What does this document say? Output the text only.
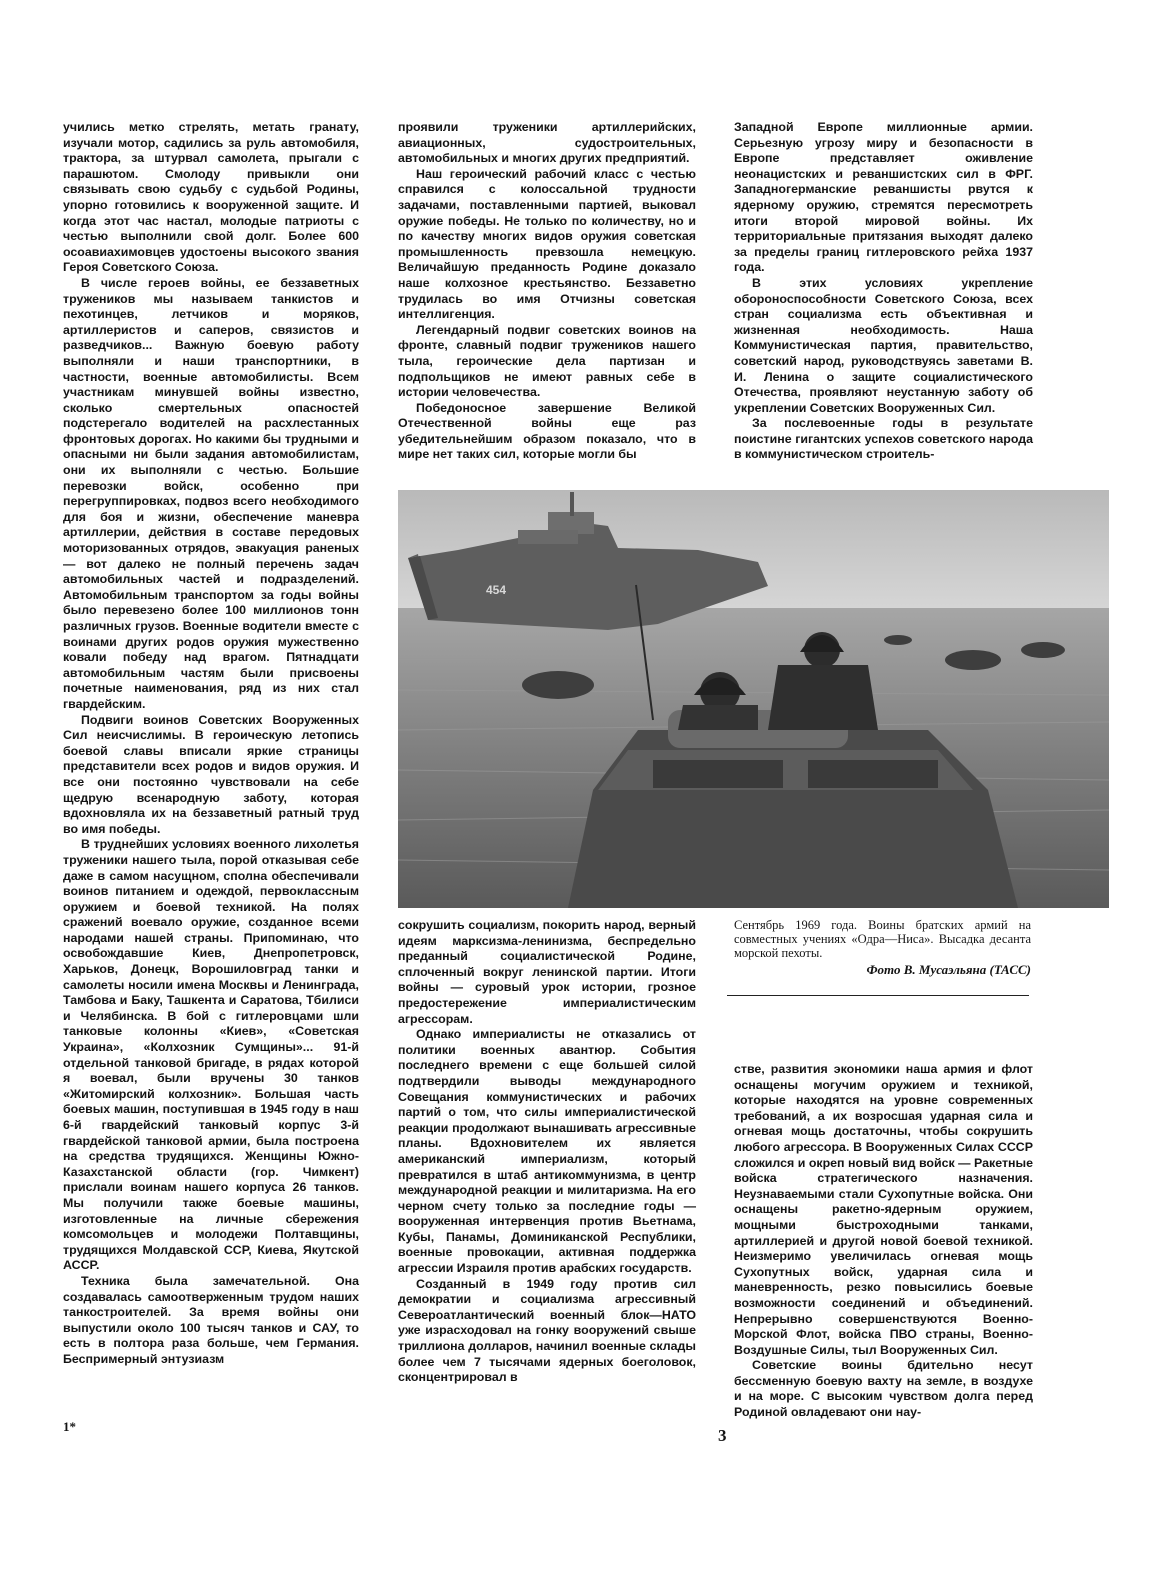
учились метко стрелять, метать гранату, изучали мотор, садились за руль автомобиля, трактора, за штурвал самолета, прыгали с парашютом. Смолоду привыкли они связывать свою судьбу с судьбой Родины, упорно готовились к вооруженной защите. И когда этот час настал, молодые патриоты с честью выполнили свой долг. Более 600 осоавиахимовцев удостоены высокого звания Героя Советского Союза.

В числе героев войны, ее беззаветных тружеников мы называем танкистов и пехотинцев, летчиков и моряков, артиллеристов и саперов, связистов и разведчиков... Важную боевую работу выполняли и наши транспортники, в частности, военные автомобилисты. Всем участникам минувшей войны известно, сколько смертельных опасностей подстерегало водителей на расхлестанных фронтовых дорогах. Но какими бы трудными и опасными ни были задания автомобилистам, они их выполняли с честью. Большие перевозки войск, особенно при перегруппировках, подвоз всего необходимого для боя и жизни, обеспечение маневра артиллерии, действия в составе передовых моторизованных отрядов, эвакуация раненых — вот далеко не полный перечень задач автомобильных частей и подразделений. Автомобильным транспортом за годы войны было перевезено более 100 миллионов тонн различных грузов. Военные водители вместе с воинами других родов оружия мужественно ковали победу над врагом. Пятнадцати автомобильным частям были присвоены почетные наименования, ряд из них стал гвардейским.

Подвиги воинов Советских Вооруженных Сил неисчислимы. В героическую летопись боевой славы вписали яркие страницы представители всех родов и видов оружия. И все они постоянно чувствовали на себе щедрую всенародную заботу, которая вдохновляла их на беззаветный ратный труд во имя победы.

В труднейших условиях военного лихолетья труженики нашего тыла, порой отказывая себе даже в самом насущном, сполна обеспечивали воинов питанием и одеждой, первоклассным оружием и боевой техникой. На полях сражений воевало оружие, созданное всеми народами нашей страны. Припоминаю, что освобождавшие Киев, Днепропетровск, Харьков, Донецк, Ворошиловград танки и самолеты носили имена Москвы и Ленинграда, Тамбова и Баку, Ташкента и Саратова, Тбилиси и Челябинска. В бой с гитлеровцами шли танковые колонны «Киев», «Советская Украина», «Колхозник Сумщины»... 91-й отдельной танковой бригаде, в рядах которой я воевал, были вручены 30 танков «Житомирский колхозник». Большая часть боевых машин, поступившая в 1945 году в наш 6-й гвардейский танковый корпус 3-й гвардейской танковой армии, была построена на средства трудящихся. Женщины Южно-Казахстанской области (гор. Чимкент) прислали воинам нашего корпуса 26 танков. Мы получили также боевые машины, изготовленные на личные сбережения комсомольцев и молодежи Полтавщины, трудящихся Молдавской ССР, Киева, Якутской АССР.

Техника была замечательной. Она создавалась самоотверженным трудом наших танкостроителей. За время войны они выпустили около 100 тысяч танков и САУ, то есть в полтора раза больше, чем Германия. Беспримерный энтузиазм

проявили труженики артиллерийских, авиационных, судостроительных, автомобильных и многих других предприятий.

Наш героический рабочий класс с честью справился с колоссальной трудности задачами, поставленными партией, выковал оружие победы. Не только по количеству, но и по качеству многих видов оружия советская промышленность превзошла немецкую. Величайшую преданность Родине доказало наше колхозное крестьянство. Беззаветно трудилась во имя Отчизны советская интеллигенция.

Легендарный подвиг советских воинов на фронте, славный подвиг тружеников нашего тыла, героические дела партизан и подпольщиков не имеют равных себе в истории человечества.

Победоносное завершение Великой Отечественной войны еще раз убедительнейшим образом показало, что в мире нет таких сил, которые могли бы

Западной Европе миллионные армии. Серьезную угрозу миру и безопасности в Европе представляет оживление неонацистских и реваншистских сил в ФРГ. Западногерманские реваншисты рвутся к ядерному оружию, стремятся пересмотреть итоги второй мировой войны. Их территориальные притязания выходят далеко за пределы границ гитлеровского рейха 1937 года.

В этих условиях укрепление обороноспособности Советского Союза, всех стран социализма есть объективная и жизненная необходимость. Наша Коммунистическая партия, правительство, советский народ, руководствуясь заветами В. И. Ленина о защите социалистического Отечества, проявляют неустанную заботу об укреплении Советских Вооруженных Сил.

За послевоенные годы в результате поистине гигантских успехов советского народа в коммунистическом строитель-

454

сокрушить социализм, покорить народ, верный идеям марксизма-ленинизма, беспредельно преданный социалистической Родине, сплоченный вокруг ленинской партии. Итоги войны — суровый урок истории, грозное предостережение империалистическим агрессорам.

Однако империалисты не отказались от политики военных авантюр. События последнего времени с еще большей силой подтвердили выводы международного Совещания коммунистических и рабочих партий о том, что силы империалистической реакции продолжают вынашивать агрессивные планы. Вдохновителем их является американский империализм, который превратился в штаб антикоммунизма, в центр международной реакции и милитаризма. На его черном счету только за последние годы — вооруженная интервенция против Вьетнама, Кубы, Панамы, Доминиканской Республики, военные провокации, активная поддержка агрессии Израиля против арабских государств.

Созданный в 1949 году против сил демократии и социализма агрессивный Североатлантический военный блок—НАТО уже израсходовал на гонку вооружений свыше триллиона долларов, начинил военные склады более чем 7 тысячами ядерных боеголовок, сконцентрировал в

Сентябрь 1969 года. Воины братских армий на совместных учениях «Одра—Ниса». Высадка десанта морской пехоты.
Фото В. Мусаэльяна (ТАСС)

стве, развития экономики наша армия и флот оснащены могучим оружием и техникой, которые находятся на уровне современных требований, а их возросшая ударная сила и огневая мощь достаточны, чтобы сокрушить любого агрессора. В Вооруженных Силах СССР сложился и окреп новый вид войск — Ракетные войска стратегического назначения. Неузнаваемыми стали Сухопутные войска. Они оснащены ракетно-ядерным оружием, мощными быстроходными танками, артиллерией и другой новой боевой техникой. Неизмеримо увеличилась огневая мощь Сухопутных войск, ударная сила и маневренность, резко повысились боевые возможности соединений и объединений. Непрерывно совершенствуются Военно-Морской Флот, войска ПВО страны, Военно-Воздушные Силы, тыл Вооруженных Сил.

Советские воины бдительно несут бессменную боевую вахту на земле, в воздухе и на море. С высоким чувством долга перед Родиной овладевают они нау-

1*	3
